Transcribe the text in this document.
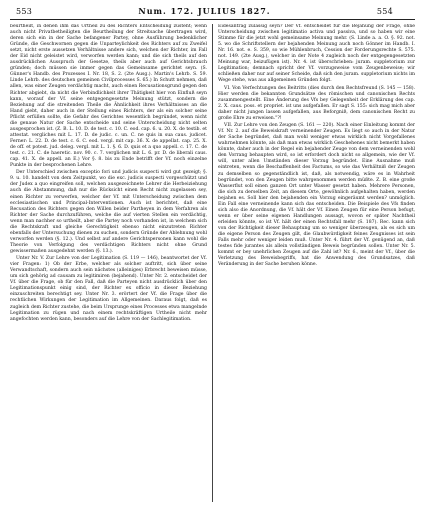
553	Num. 172. JULIUS 1827.	554

beurtheilt, in denen ihm das Urtheil zu des Richters Entscheidung zusteht; wenn auch nicht Privatbetheiligten die Beurtheilung der Streitsache übertragen wird, deren sich ein in der Sache befangener Partey, ohne Ausführung bedenklicher Gründe, die Geschwornen gegen die Unparteylichkeit des Richters auf zu Zweifel setzt, nicht erste aussetzen Verhältnisse andere sich, welchen der Richter, im Fall der Eid nicht geleistet wird, verworfen werden kann; und die sich theils auf den ausdrücklichen Ausspruch der Gesetze, theils aber auch auf Gerichtsbrauch gründen; doch müssen sie immer gegen das Gemeinsame gerichtet seyn. (S. Günner's Handb. des Prozesses I. Nr. 18, S. 2. (2te Ausg.). Martin's Lehrb. S. 59. Linde Lehrb. des deutschen gemeinen Civilprocesses S. 65.) In Schutt nehmen, daß allen, was einer Zeugen verdächtig macht, auch einen Recusationsgrund gegen den Richter abgiebt, da nicht die Verbindlichkeit ihrer Thätigkeit hier von Einfluß seyn kann, worauf der Vf. seine entgegengesetzte Meinung stützt, sondern die Beziehung auf die streitenden Theile die Ähnlichkeit ihres Verhältnisses an die Hand giebt, daher auch in der Stellung eines Richters, der als ein solcher seine Pflicht erfüllen sollte, die Gefahr des Gerichtes wesentlich begründet, wenn nicht die genaue Natur der Sache entscheide und seine Unterscheidung nicht selten ausgesprochen ist. (Z. B. L. 10. D. de test. c. 10. C. eod. cap. 6. u. 20. X. de testib. et attestat. vergliches mit L. 17. D. de judic. c. un. C. ne quis in sua caus. judicet. Ferner: L. 22. D. de test. c. 6. C. eod. vergl. mit cap. 36. X. de appellat. cap. 25. X. de off. et potest. jud. deleg. vergl. mit L. 1. §. 6. D. quis et a quo appell. c. 17. C. de test. c. 21. C. de haeretic. nov. 90. c. 7. verglichen mit L. 6. pr. D. de liberali caus. cap. 41. X. de appell. an E.) Vor §. 8. bis zu Ende betrifft der Vf. noch einzelne Punkte in der besprochenen Lehre.

Der Unterschied zwischen exceptio fori und judicis suspecti wird gut gezeigt; §. 9. u. 10. handelt von dem Zeitpunkt, wo die exc. judicis suspecti vorgeschützt und der Judex a quo eingreifen soll, welchen ausgezeichnete Lehrer die Herbeiziehung auch die Abstammung, daß nur die Rücksicht einen Recht nicht zugelassen sey, einen Richter zu verwerfen, welcher der Vf. mit Unterscheidung zwischen dem ecclesiastischen und Principal-Interventionen. Auch ist berichtet, daß eine Recusation des Richters gegen den Willen beider Partheyen in dem Verfahren als Richter der Sache durchzuführen, welche die auf vierten Stellen ein verdächtig, wenn man nachher so urtheilt, aber die Partey noch vorhanden ist, in welchem sich die Rechtskraft und gleiche Gerechtigkeit ebenso nicht einzutreten Richter ebenfalls der Untersuchung dienen zu suchen, sondern Gründe der Ablehnung wohl verworfen werden (§. 12.). Und selbst auf andere Gerichtspersonen kann wohl die Theorie von Verfolgung des verdächtigen Richters nicht ohne Grund gewissermaßen ausgedehnt werden (§. 13.).

Unter Nr. V. Zur Lehre von der Legitimation (S. 119 — 146), beantwortet der Vf. vier Fragen: 1) Ob der Erbe, welcher als solcher auftritt, sich über seine Verwandtschaft, sondern auch sein nächstes (alleiniges) Erbrecht beweisen müsse, um sich gehörig ad causam zu legitimiren (bejahend). Unter Nr. 2. entscheidet der Vf. über die Frage, ob für den Fall, daß die Parteyen nicht ausdrücklich über den Legitimationspunkt einig sind, der Richter ex officio in dieser Beziehung einzuschreiten berechtigt sey. Unter Nr. 3. erörtert der Vf. die Frage über die rechtlichen Wirkungen der Legitimation im Allgemeinen. Daraus folgt, daß es zugleich dem Richter zustehe, die beim Ursprunge eines Processes etwa mangelnde Legitimation zu rügen und nach einem rechtskräftigen Urtheile nicht mehr angefochten werden kann, besonders auf die Lehre von der Sachlegitimation.

Eidesantrag zulässig seyn? Der Vf. entscheidet für die Bejahung der Frage, ohne Unterscheidung zwischen legitimatio activa und passiva, und so haben wir eine Stimme für die jetzt wohl gemeinsame Meinung mehr. (S. Linde a. a. O. §. 92. not. 5. wo die Schriftstellern der bejahenden Meinung auch noch Gönner im Handb. I. Nr. 16. not. e. S. 359, so wie Mühlenbruch, Cession der Forderungsrechte S. 575. not. 149. (2te Ausg.), welcher in der Note 4 zugleich noch der entgegengesetzten Meinung war, beizufügen ist). Nr. 4. ist überschrieben: juram. suppletorium zur Legitimation; demnach spricht der Vf. vorzugsweise vom Zeugenbeweise; wir schließen daher nur auf seiner Scheide, daß sich den juram. suppletorium nichts im Wege stehe, was aus allgemeinen Gründen folgt.

VI. Von Verfechtungen des Beitritts (dies durch den Rechtsfreund (S. 145 — 158). Hier werden die bekannten Grundsätze des römischen und canonischen Rechts zusammengestellt. Eine Änderung des Vfs bey Gelegenheit der Erklärung des cap. 2. X. caus. poss. et propriet. ist uns aufgefallen. Er sagt S. 155: sich mag mich aber daher nicht jungen lassen aufgefallen, aus Beforgniß, dem canonischen Recht zu große Ehre zu erweisen."?!

VII. Zur Lehre von den Zeugen (S. 161 — 220). Nach einer Einleitung kommt der Vf. Nr. 2. auf die Beweiskraft verneinender Zeugen. Es liegt so auch in der Natur der Sache begründet, daß man wohl weniger etwas wirklich nicht Vorgefallenes wahrnehmen könnte, als daß man etwas wirklich Geschehenes nicht bemerkt haben könnte, daher auch in der Regel ein bejahender Zeuge von dem verneinenden wohl den Vorrang behaupten wird, so ist erfordert doch nicht so allgemein, wie der Vf. will, unter allen Umständen dieser Vorzug begründet. Eine Ausnahme muß eintreten, wenn die Beschaffenheit des Factums, so wie das Verhältniß der Zeugen zu demselben so gegenständlich ist, daß, als notwendig, wäre es in Wahrheit begründet, von den Zeugen bitte wahrgenommen werden müßte. Z. B. eine große Wasserflut soll einen ganzen Ort unter Wasser gesetzt haben. Mehrere Personen, die sich zu derselben Zeit, an diesem Orte, gewöhnlich aufgehalten haben, werden bejahen es. Soll hier den bejahenden ein Vorzug eingeräumt werden? unmöglich. Ein Fall eine verneinende kann sich das entscheiden. Die Beispiele des Vfs finden sich also die Anordnung, die Vf. hält der Vf. Einen Zeugen für eine Person befugt, wenn er über seine eigenen Handlungen aussagt, wovon er später Nachtheil erleiden könnte, so ist Vf. hält der einen Rechtsfall mehr (S. 187). Rec. kann sich von der Richtigkeit dieser Behauptung um so weniger überzeugen, als es sich um die eigene Person des Zeugen gilt, die Glaubwürdigkeit feines Zeugnisses ist sein Falls mehr oder weniger leiden muß. Unter Nr. 4. führt der Vf. genügend an, daß testes fide jurantes als allein vollständigen Beweis begründen sollen. Unter Nr. 5. kommt er bey unehrlichen Zeugen auf die Zahl ist? Nr. 6., meint der Vf., über die Verletzung des Beweisbegriffs, hat die Anwendung des Grundsatzes, daß Veränderung in der Sache beruhen könne.
